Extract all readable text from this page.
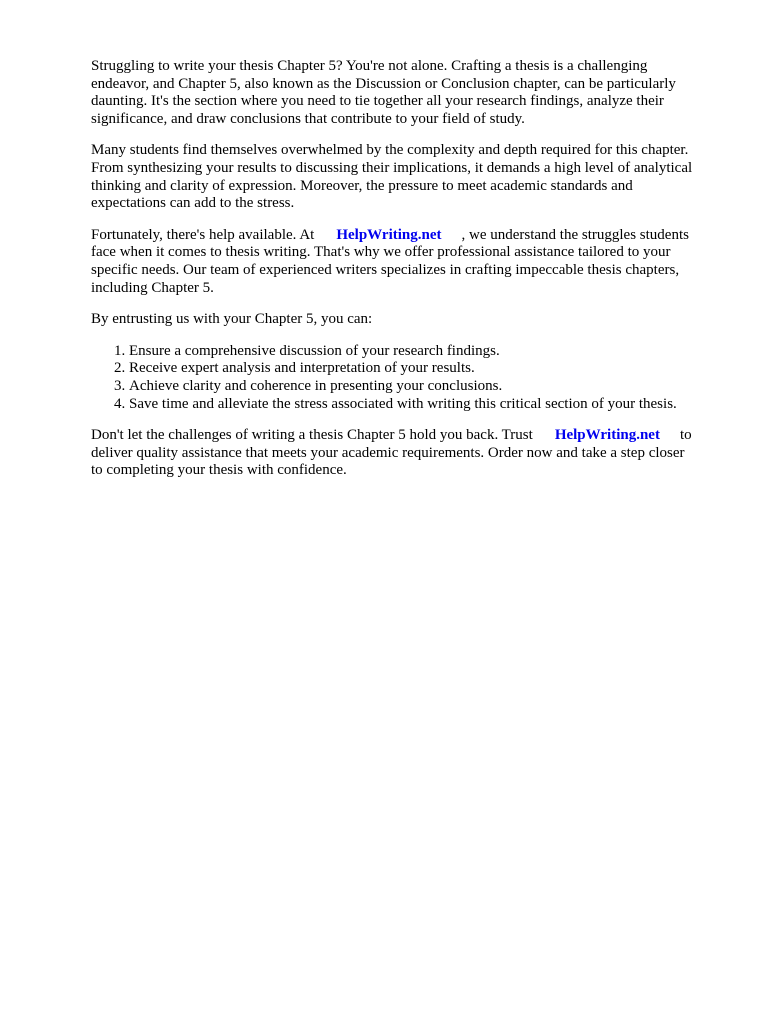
Struggling to write your thesis Chapter 5? You're not alone. Crafting a thesis is a challenging
endeavor, and Chapter 5, also known as the Discussion or Conclusion chapter, can be particularly
daunting. It's the section where you need to tie together all your research findings, analyze their
significance, and draw conclusions that contribute to your field of study.

Many students find themselves overwhelmed by the complexity and depth required for this chapter.
From synthesizing your results to discussing their implications, it demands a high level of analytical
thinking and clarity of expression. Moreover, the pressure to meet academic standards and
expectations can add to the stress.

Fortunately, there's help available. At HelpWriting.net , we understand the struggles students
face when it comes to thesis writing. That's why we offer professional assistance tailored to your
specific needs. Our team of experienced writers specializes in crafting impeccable thesis chapters,
including Chapter 5.

By entrusting us with your Chapter 5, you can:

1. Ensure a comprehensive discussion of your research findings.
2. Receive expert analysis and interpretation of your results.
3. Achieve clarity and coherence in presenting your conclusions.
4. Save time and alleviate the stress associated with writing this critical section of your thesis.

Don't let the challenges of writing a thesis Chapter 5 hold you back. Trust HelpWriting.net to
deliver quality assistance that meets your academic requirements. Order now and take a step closer
to completing your thesis with confidence.
